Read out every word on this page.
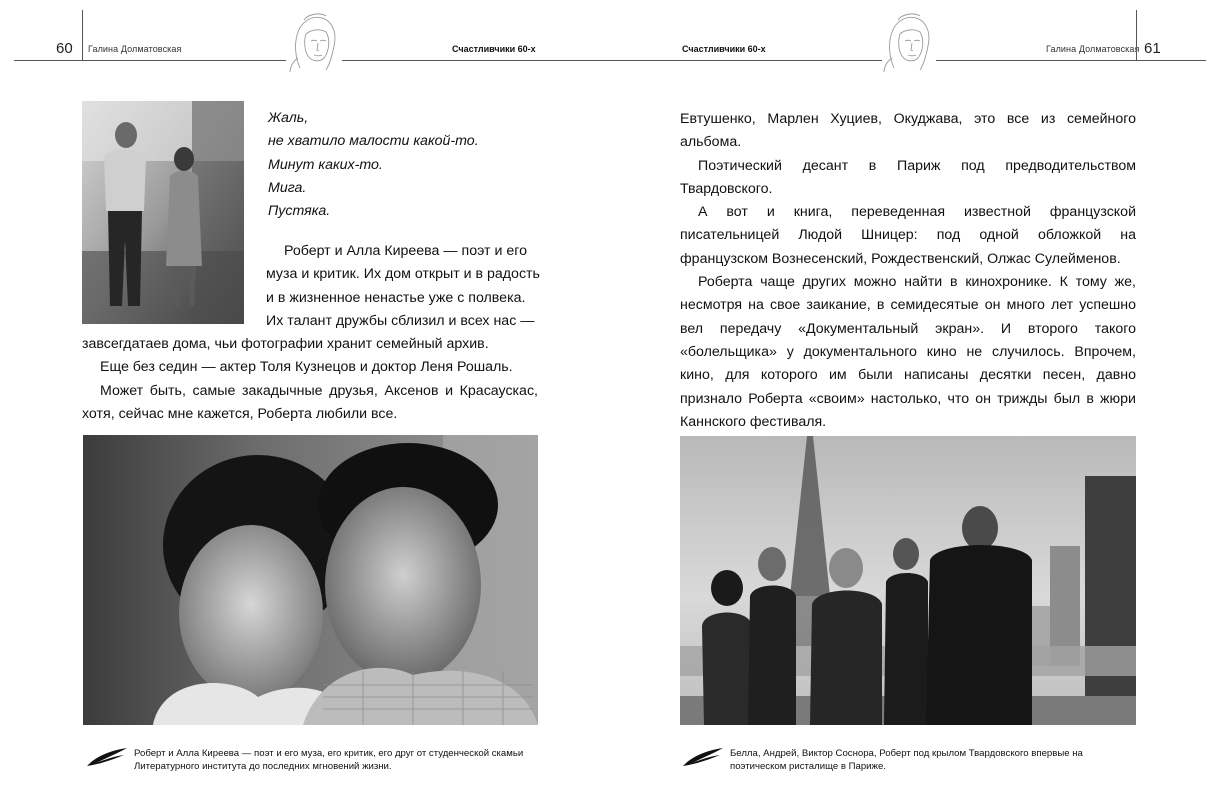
60 Галина Долматовская	Счастливчики 60-х	Счастливчики 60-х	Галина Долматовская 61
Жаль,
не хватило малости какой-то.
Минут каких-то.
Мига.
Пустяка.
Роберт и Алла Киреева — поэт и его
муза и критик. Их дом открыт и в радость
и в жизненное ненастье уже с полвека.
Их талант дружбы сблизил и всех нас —
завсегдатаев дома, чьи фотографии хранит семейный архив.

Еще без седин — актер Толя Кузнецов и доктор Леня Рошаль.

Может быть, самые закадычные друзья, Аксенов и Красаускас, хотя, сейчас мне кажется, Роберта любили все.

Роберт и Алла Киреева — поэт и его муза, его критик, его друг от студенческой скамьи Литературного института до последних мгновений жизни.

Евтушенко, Марлен Хуциев, Окуджава, это все из семейного альбома.

Поэтический десант в Париж под предводительством Твардовского.

А вот и книга, переведенная известной французской писательницей Людой Шницер: под одной обложкой на французском Вознесенский, Рождественский, Олжас Сулейменов.

Роберта чаще других можно найти в кинохронике. К тому же, несмотря на свое заикание, в семидесятые он много лет успешно вел передачу «Документальный экран». И второго такого «болельщика» у документального кино не случилось. Впрочем, кино, для которого им были написаны десятки песен, давно признало Роберта «своим» настолько, что он трижды был в жюри Каннского фестиваля.

Белла, Андрей, Виктор Соснора, Роберт под крылом Твардовского впервые на поэтическом ристалище в Париже.
